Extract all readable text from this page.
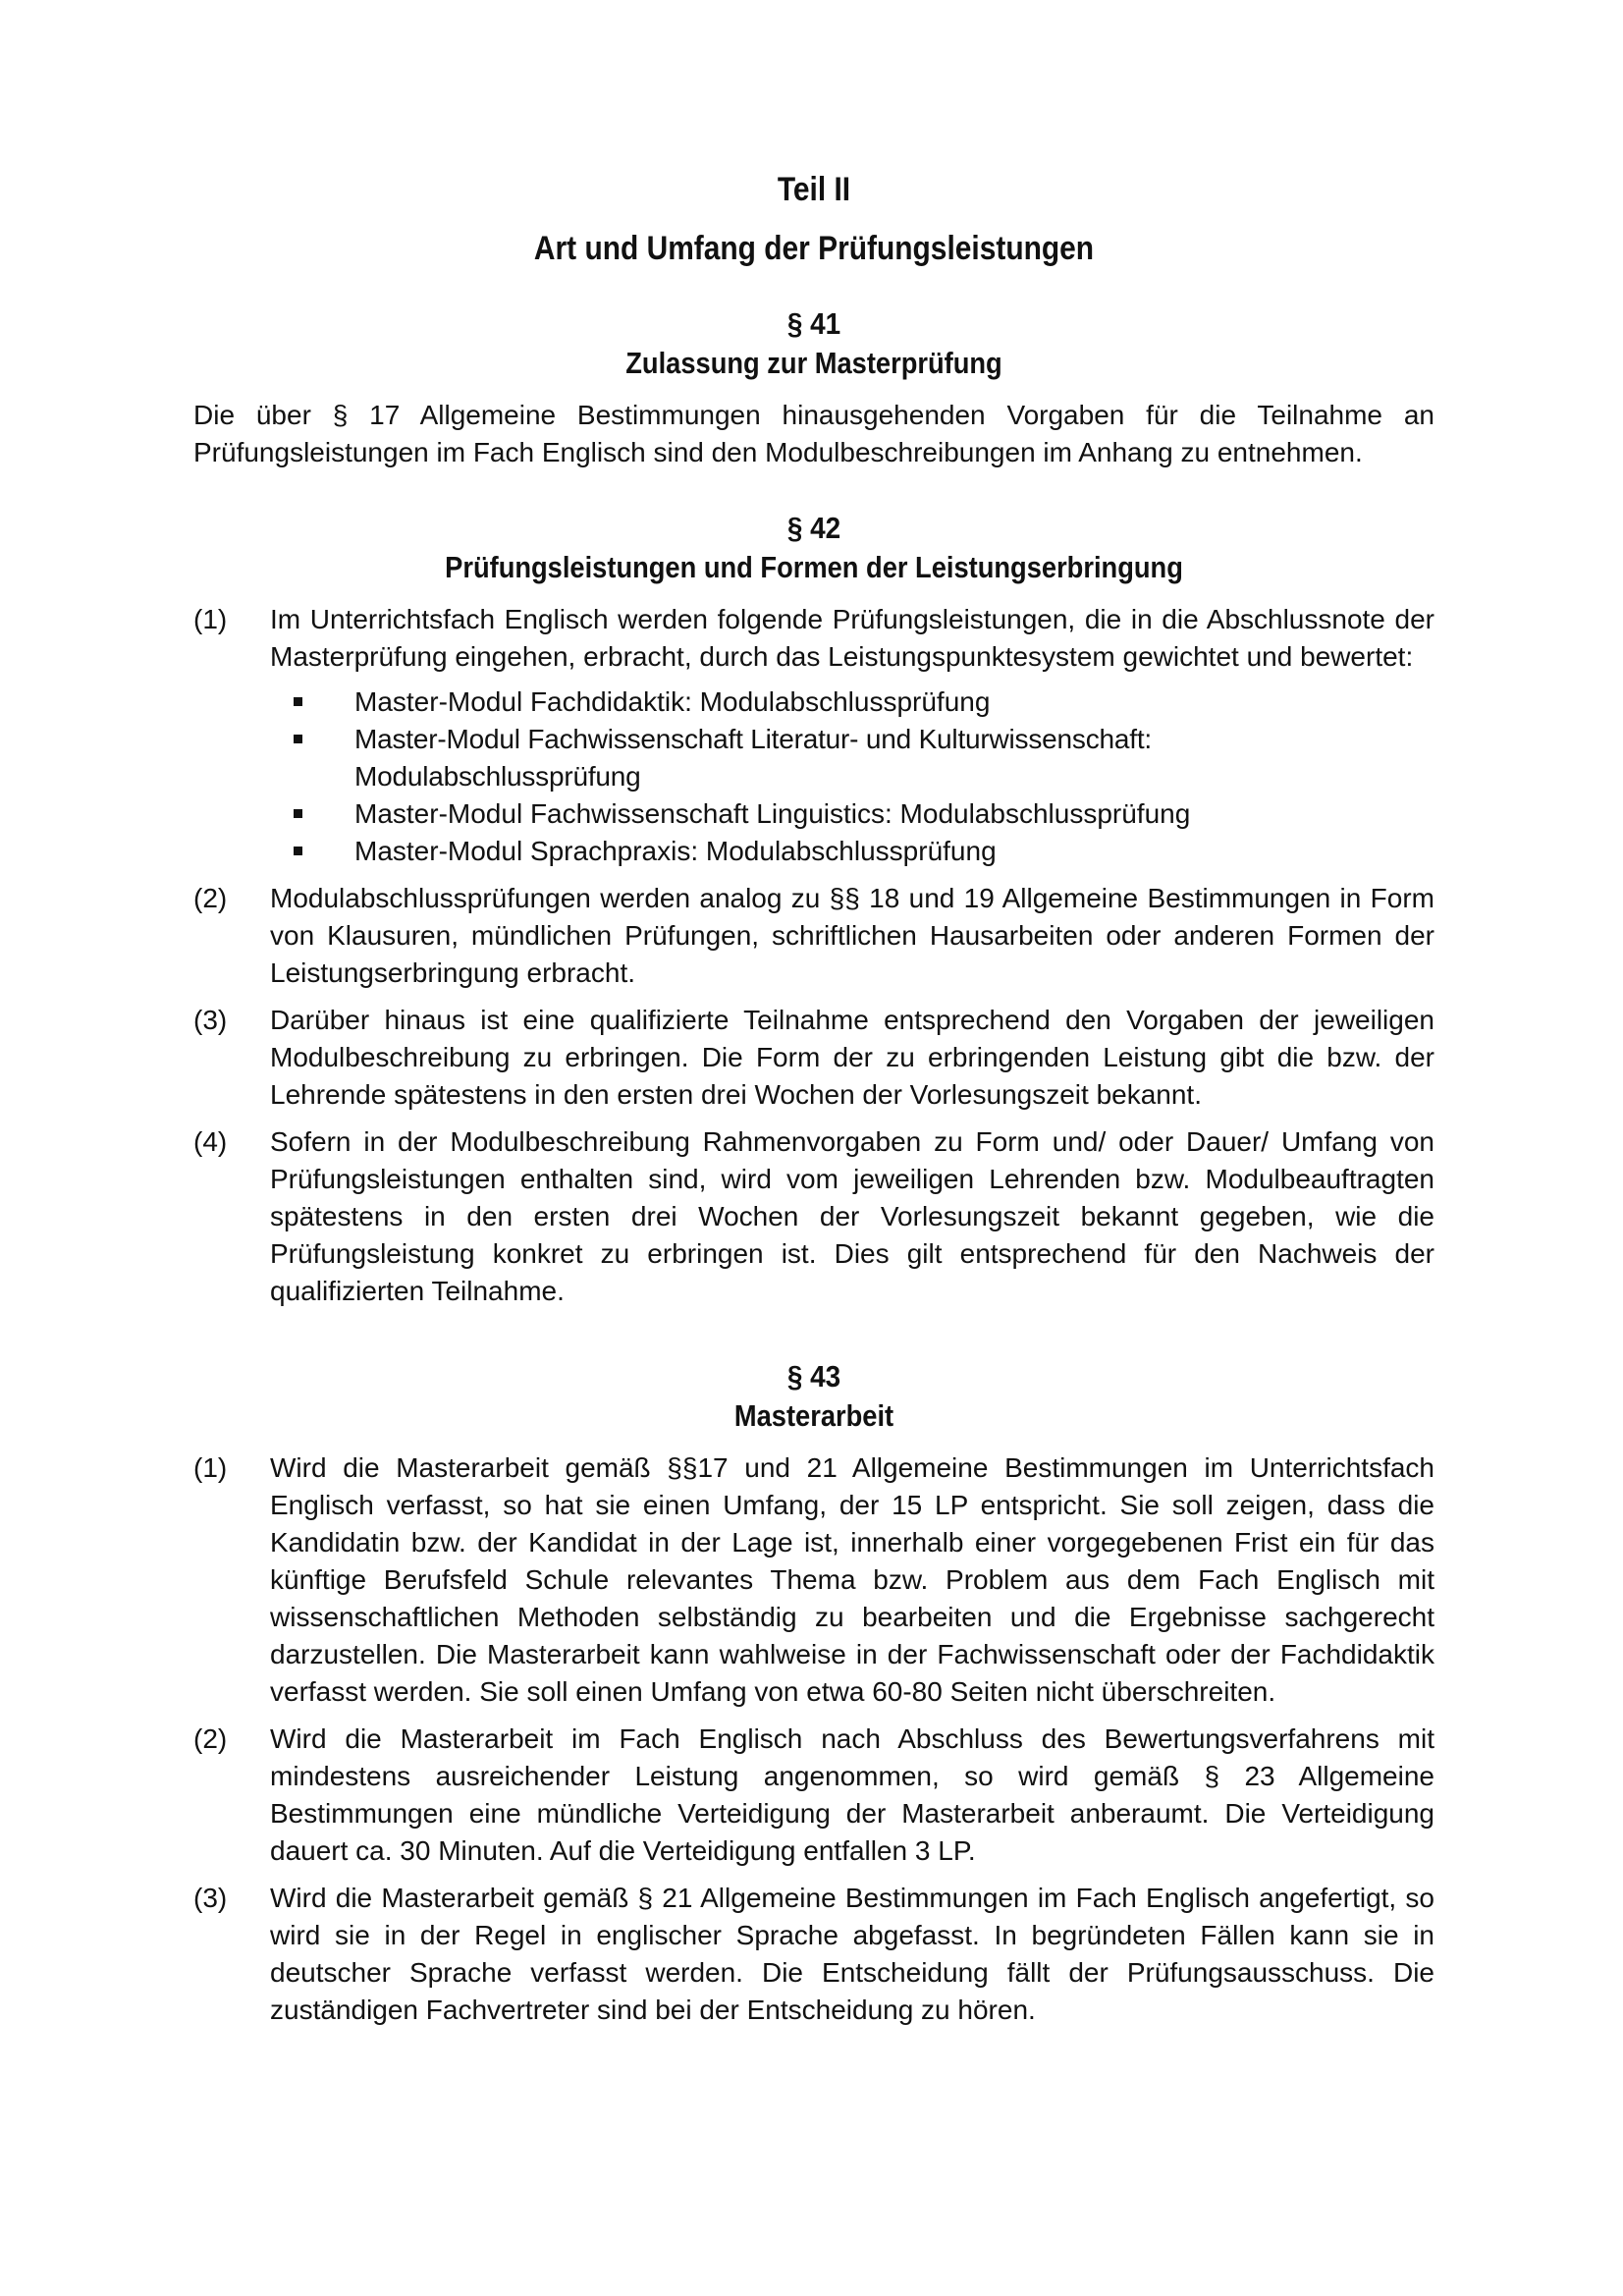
Teil II
Art und Umfang der Prüfungsleistungen
§ 41
Zulassung zur Masterprüfung

Die über § 17 Allgemeine Bestimmungen hinausgehenden Vorgaben für die Teilnahme an Prüfungsleistungen im Fach Englisch sind den Modulbeschreibungen im Anhang zu entnehmen.

§ 42
Prüfungsleistungen und Formen der Leistungserbringung
(1) Im Unterrichtsfach Englisch werden folgende Prüfungsleistungen, die in die Abschlussnote der Masterprüfung eingehen, erbracht, durch das Leistungspunktesystem gewichtet und bewertet:
Master-Modul Fachdidaktik: Modulabschlussprüfung
Master-Modul Fachwissenschaft Literatur- und Kulturwissenschaft: Modulabschlussprüfung
Master-Modul Fachwissenschaft Linguistics: Modulabschlussprüfung
Master-Modul Sprachpraxis: Modulabschlussprüfung
(2) Modulabschlussprüfungen werden analog zu §§ 18 und 19 Allgemeine Bestimmungen in Form von Klausuren, mündlichen Prüfungen, schriftlichen Hausarbeiten oder anderen Formen der Leistungserbringung erbracht.
(3) Darüber hinaus ist eine qualifizierte Teilnahme entsprechend den Vorgaben der jeweiligen Modulbeschreibung zu erbringen. Die Form der zu erbringenden Leistung gibt die bzw. der Lehrende spätestens in den ersten drei Wochen der Vorlesungszeit bekannt.
(4) Sofern in der Modulbeschreibung Rahmenvorgaben zu Form und/ oder Dauer/ Umfang von Prüfungsleistungen enthalten sind, wird vom jeweiligen Lehrenden bzw. Modulbeauftragten spätestens in den ersten drei Wochen der Vorlesungszeit bekannt gegeben, wie die Prüfungsleistung konkret zu erbringen ist. Dies gilt entsprechend für den Nachweis der qualifizierten Teilnahme.
§ 43
Masterarbeit
(1) Wird die Masterarbeit gemäß §§17 und 21 Allgemeine Bestimmungen im Unterrichtsfach Englisch verfasst, so hat sie einen Umfang, der 15 LP entspricht. Sie soll zeigen, dass die Kandidatin bzw. der Kandidat in der Lage ist, innerhalb einer vorgegebenen Frist ein für das künftige Berufsfeld Schule relevantes Thema bzw. Problem aus dem Fach Englisch mit wissenschaftlichen Methoden selbständig zu bearbeiten und die Ergebnisse sachgerecht darzustellen. Die Masterarbeit kann wahlweise in der Fachwissenschaft oder der Fachdidaktik verfasst werden. Sie soll einen Umfang von etwa 60-80 Seiten nicht überschreiten.
(2) Wird die Masterarbeit im Fach Englisch nach Abschluss des Bewertungsverfahrens mit mindestens ausreichender Leistung angenommen, so wird gemäß § 23 Allgemeine Bestimmungen eine mündliche Verteidigung der Masterarbeit anberaumt. Die Verteidigung dauert ca. 30 Minuten. Auf die Verteidigung entfallen 3 LP.
(3) Wird die Masterarbeit gemäß § 21 Allgemeine Bestimmungen im Fach Englisch angefertigt, so wird sie in der Regel in englischer Sprache abgefasst. In begründeten Fällen kann sie in deutscher Sprache verfasst werden. Die Entscheidung fällt der Prüfungsausschuss. Die zuständigen Fachvertreter sind bei der Entscheidung zu hören.
